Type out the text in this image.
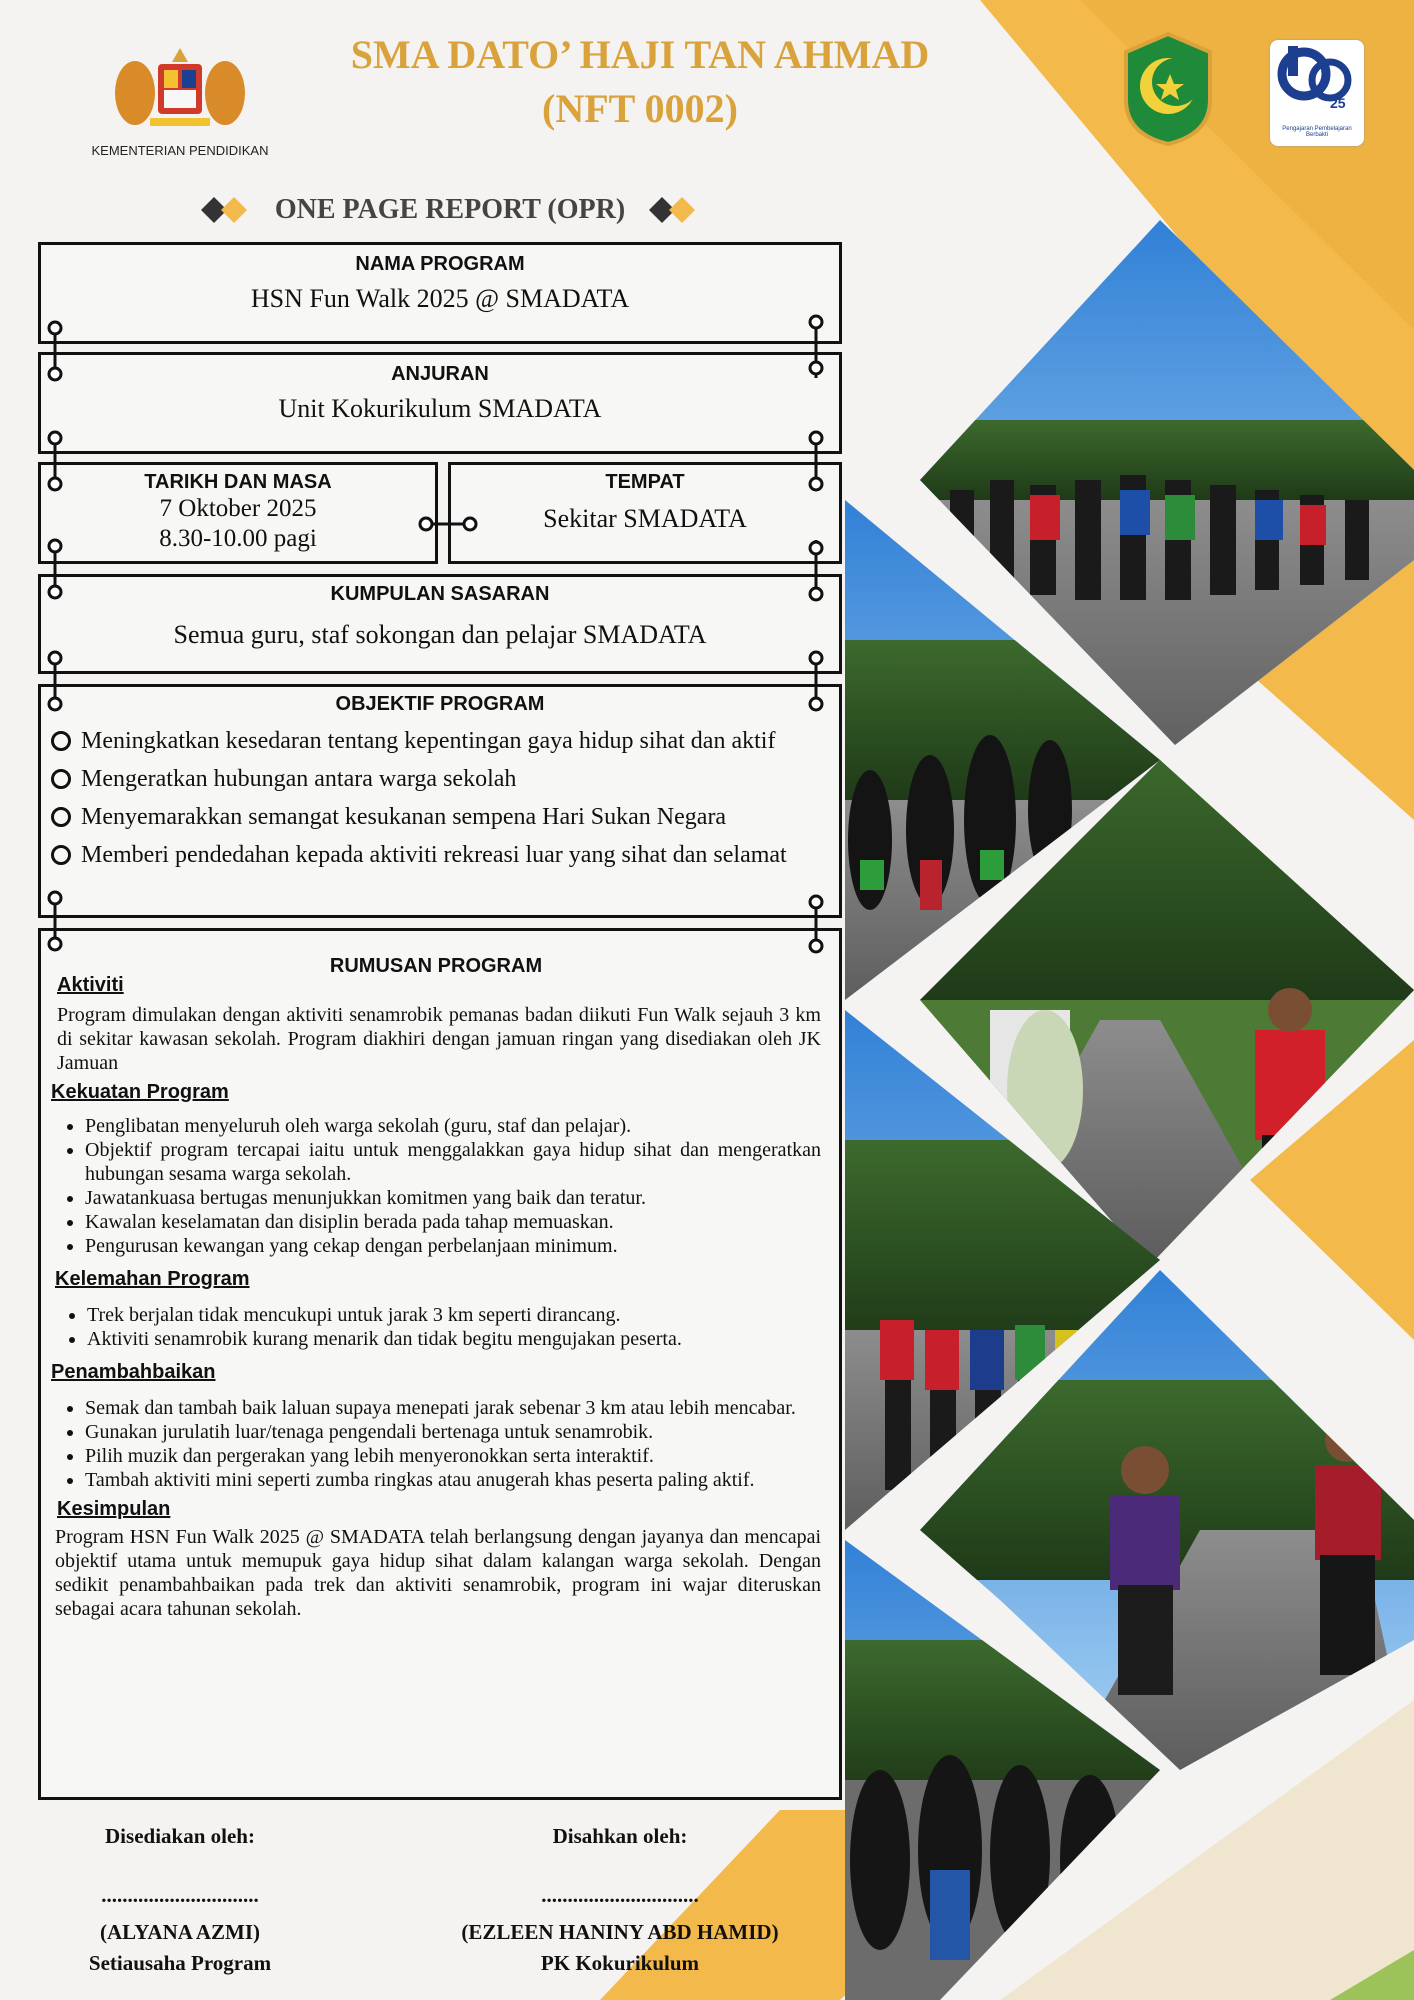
KEMENTERIAN PENDIDIKAN
SMA DATO’ HAJI TAN AHMAD
(NFT 0002)	25
Pengajaran Pembelajaran Berbakti
ONE PAGE REPORT (OPR)
NAMA PROGRAM
HSN Fun Walk 2025 @ SMADATA
ANJURAN
Unit Kokurikulum SMADATA
TARIKH DAN MASA
7 Oktober 2025
8.30-10.00 pagi
TEMPAT
Sekitar SMADATA
KUMPULAN SASARAN
Semua guru, staf sokongan dan pelajar SMADATA
OBJEKTIF PROGRAM
Meningkatkan kesedaran tentang kepentingan gaya hidup sihat dan aktif
Mengeratkan hubungan antara warga sekolah
Menyemarakkan semangat kesukanan sempena Hari Sukan Negara
Memberi pendedahan kepada aktiviti rekreasi luar yang sihat dan selamat
RUMUSAN PROGRAM
Aktiviti
Program dimulakan dengan aktiviti senamrobik pemanas badan diikuti Fun Walk sejauh 3 km di sekitar kawasan sekolah. Program diakhiri dengan jamuan ringan yang disediakan oleh JK Jamuan
Kekuatan Program
• Penglibatan menyeluruh oleh warga sekolah (guru, staf dan pelajar).
• Objektif program tercapai iaitu untuk menggalakkan gaya hidup sihat dan mengeratkan hubungan sesama warga sekolah.
• Jawatankuasa bertugas menunjukkan komitmen yang baik dan teratur.
• Kawalan keselamatan dan disiplin berada pada tahap memuaskan.
• Pengurusan kewangan yang cekap dengan perbelanjaan minimum.
Kelemahan Program
• Trek berjalan tidak mencukupi untuk jarak 3 km seperti dirancang.
• Aktiviti senamrobik kurang menarik dan tidak begitu mengujakan peserta.
Penambahbaikan
• Semak dan tambah baik laluan supaya menepati jarak sebenar 3 km atau lebih mencabar.
• Gunakan jurulatih luar/tenaga pengendali bertenaga untuk senamrobik.
• Pilih muzik dan pergerakan yang lebih menyeronokkan serta interaktif.
• Tambah aktiviti mini seperti zumba ringkas atau anugerah khas peserta paling aktif.
Kesimpulan
Program HSN Fun Walk 2025 @ SMADATA telah berlangsung dengan jayanya dan mencapai objektif utama untuk memupuk gaya hidup sihat dalam kalangan warga sekolah. Dengan sedikit penambahbaikan pada trek dan aktiviti senamrobik, program ini wajar diteruskan sebagai acara tahunan sekolah.
Disediakan oleh:
..............................
(ALYANA AZMI)
Setiausaha Program
Disahkan oleh:
..............................
(EZLEEN HANINY ABD HAMID)
PK Kokurikulum
